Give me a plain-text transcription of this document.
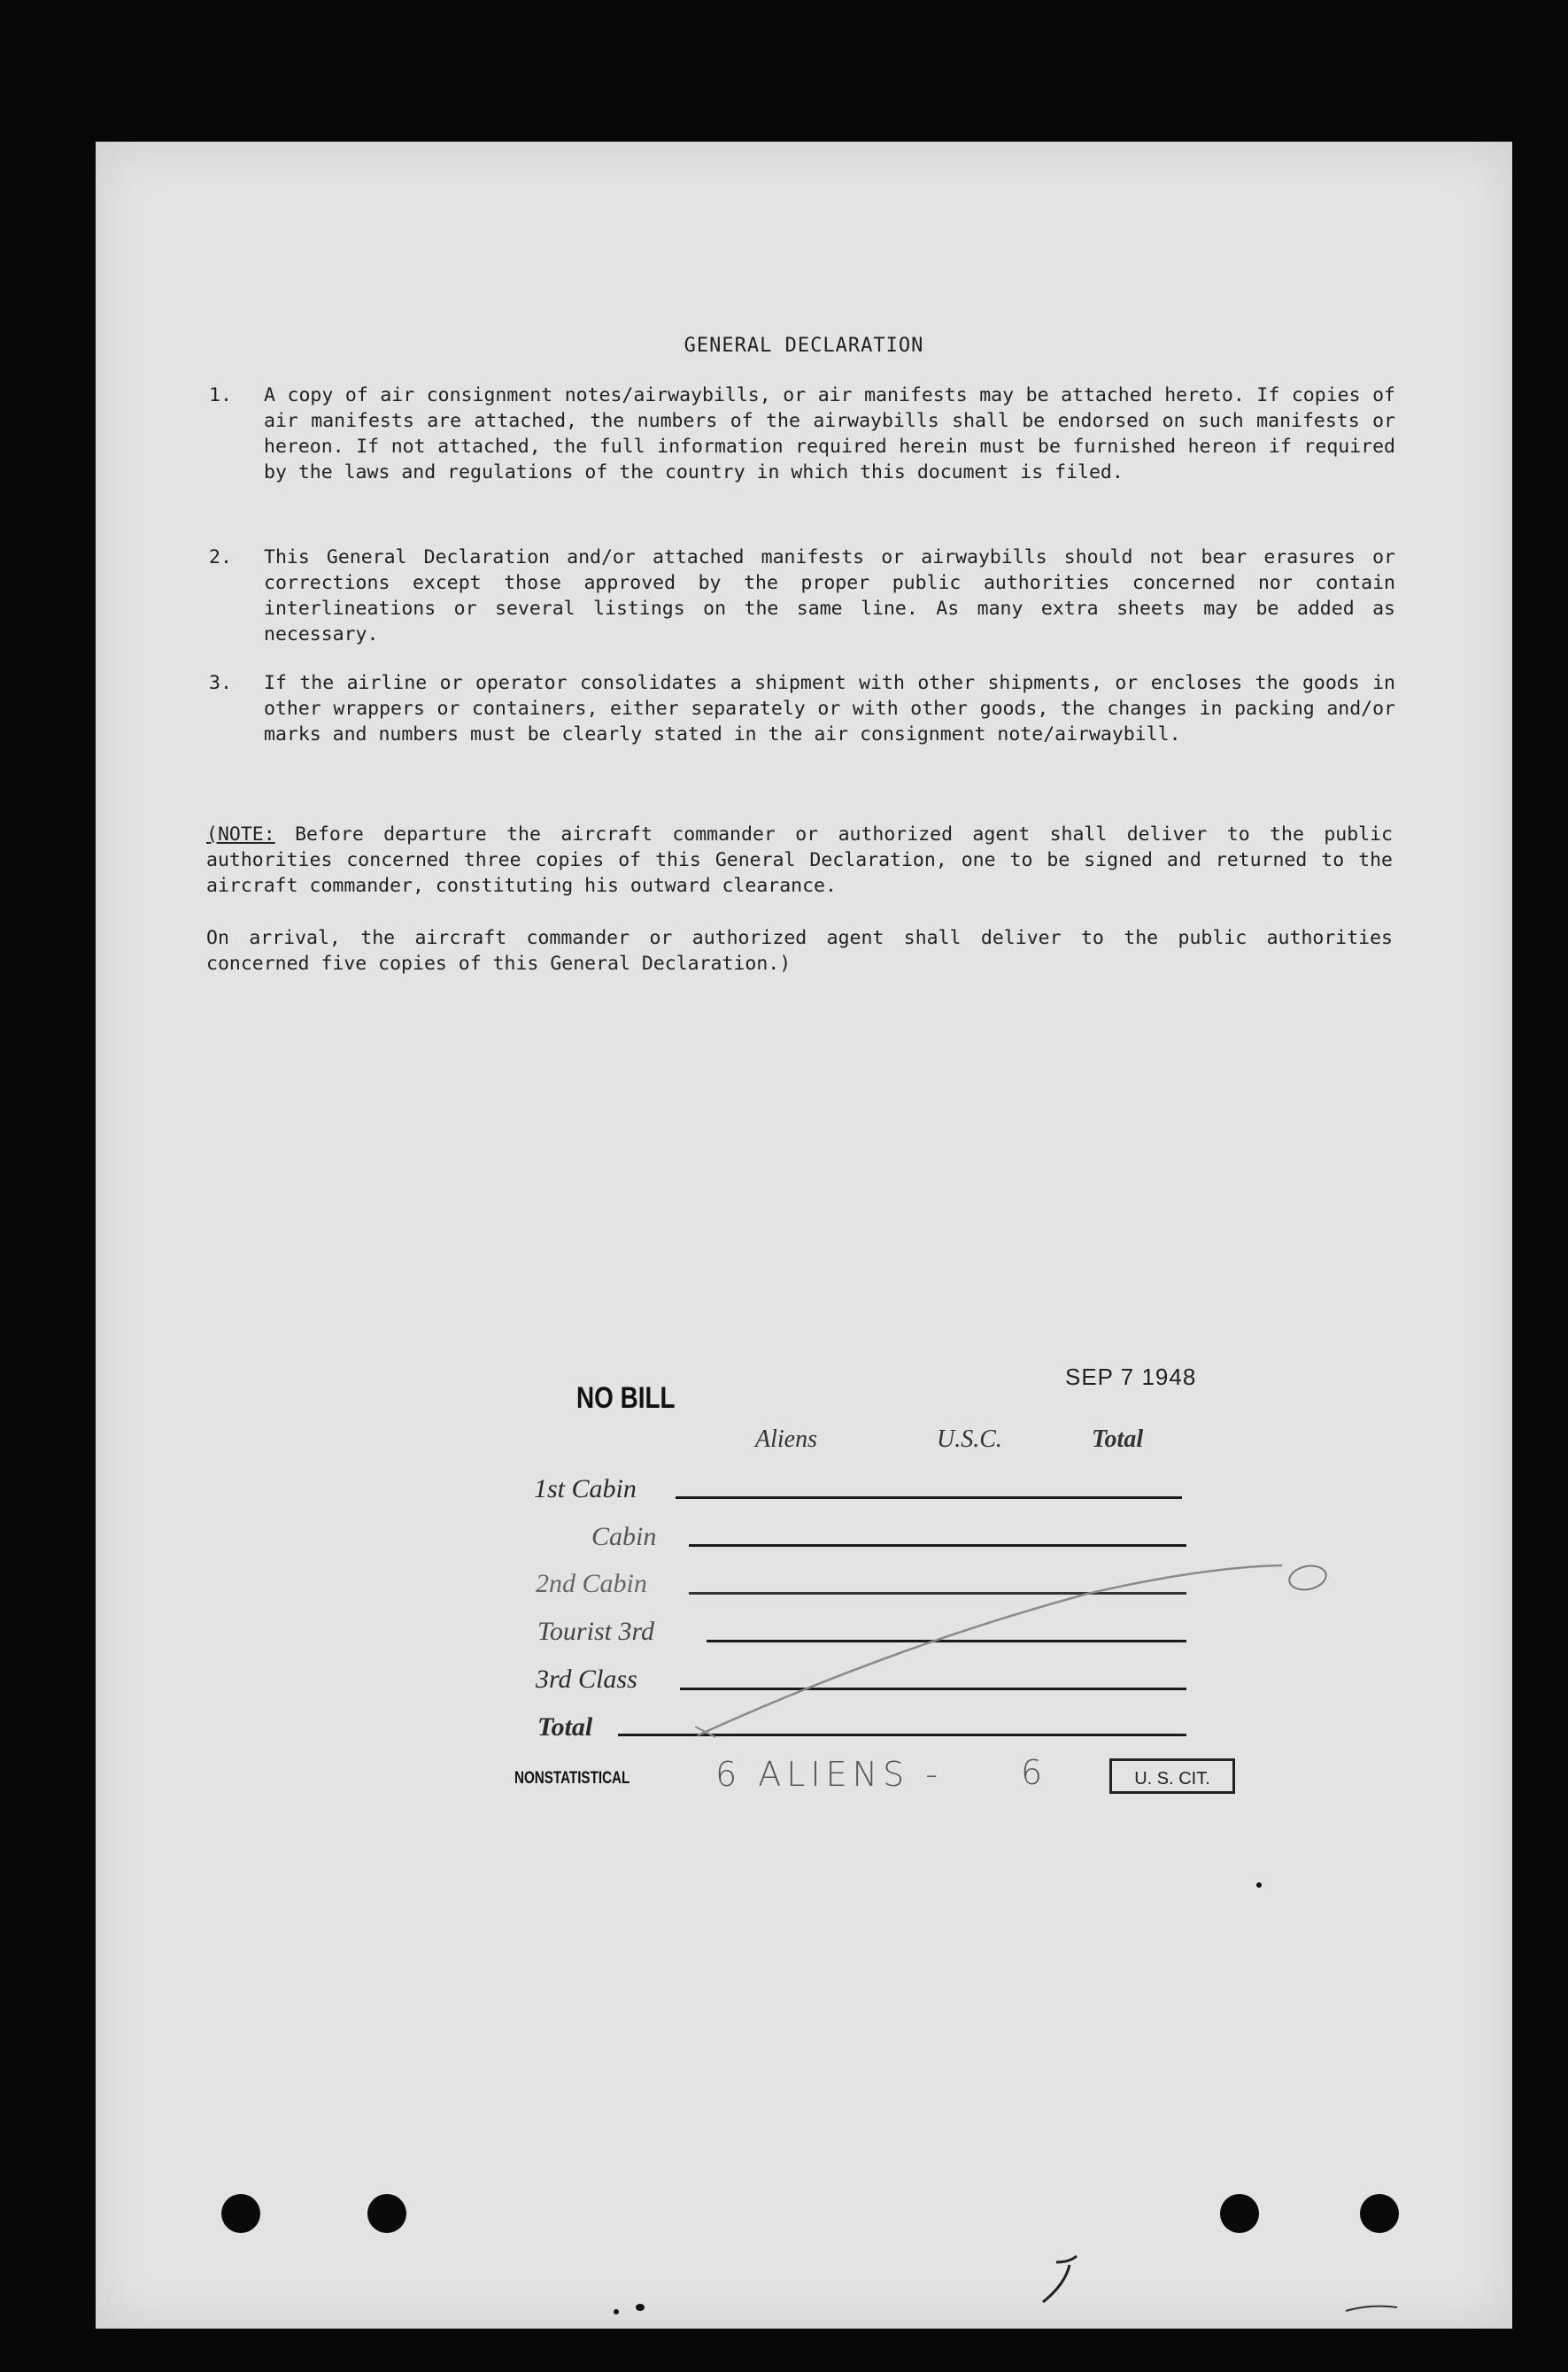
GENERAL DECLARATION
1. A copy of air consignment notes/airwaybills, or air manifests may be attached hereto. If copies of air manifests are attached, the numbers of the airwaybills shall be endorsed on such manifests or hereon. If not attached, the full information required herein must be furnished hereon if required by the laws and regulations of the country in which this document is filed.
2. This General Declaration and/or attached manifests or airwaybills should not bear erasures or corrections except those approved by the proper public authorities concerned nor contain interlineations or several listings on the same line. As many extra sheets may be added as necessary.
3. If the airline or operator consolidates a shipment with other shipments, or encloses the goods in other wrappers or containers, either separately or with other goods, the changes in packing and/or marks and numbers must be clearly stated in the air consignment note/airwaybill.
(NOTE: Before departure the aircraft commander or authorized agent shall deliver to the public authorities concerned three copies of this General Declaration, one to be signed and returned to the aircraft commander, constituting his outward clearance.
On arrival, the aircraft commander or authorized agent shall deliver to the public authorities concerned five copies of this General Declaration.)
NO BILL
SEP 7 1948
Aliens	U.S.C.	Total
1st Cabin
Cabin
2nd Cabin
Tourist 3rd
3rd Class
Total
NONSTATISTICAL	6 ALIENS - 6	U. S. CIT.
